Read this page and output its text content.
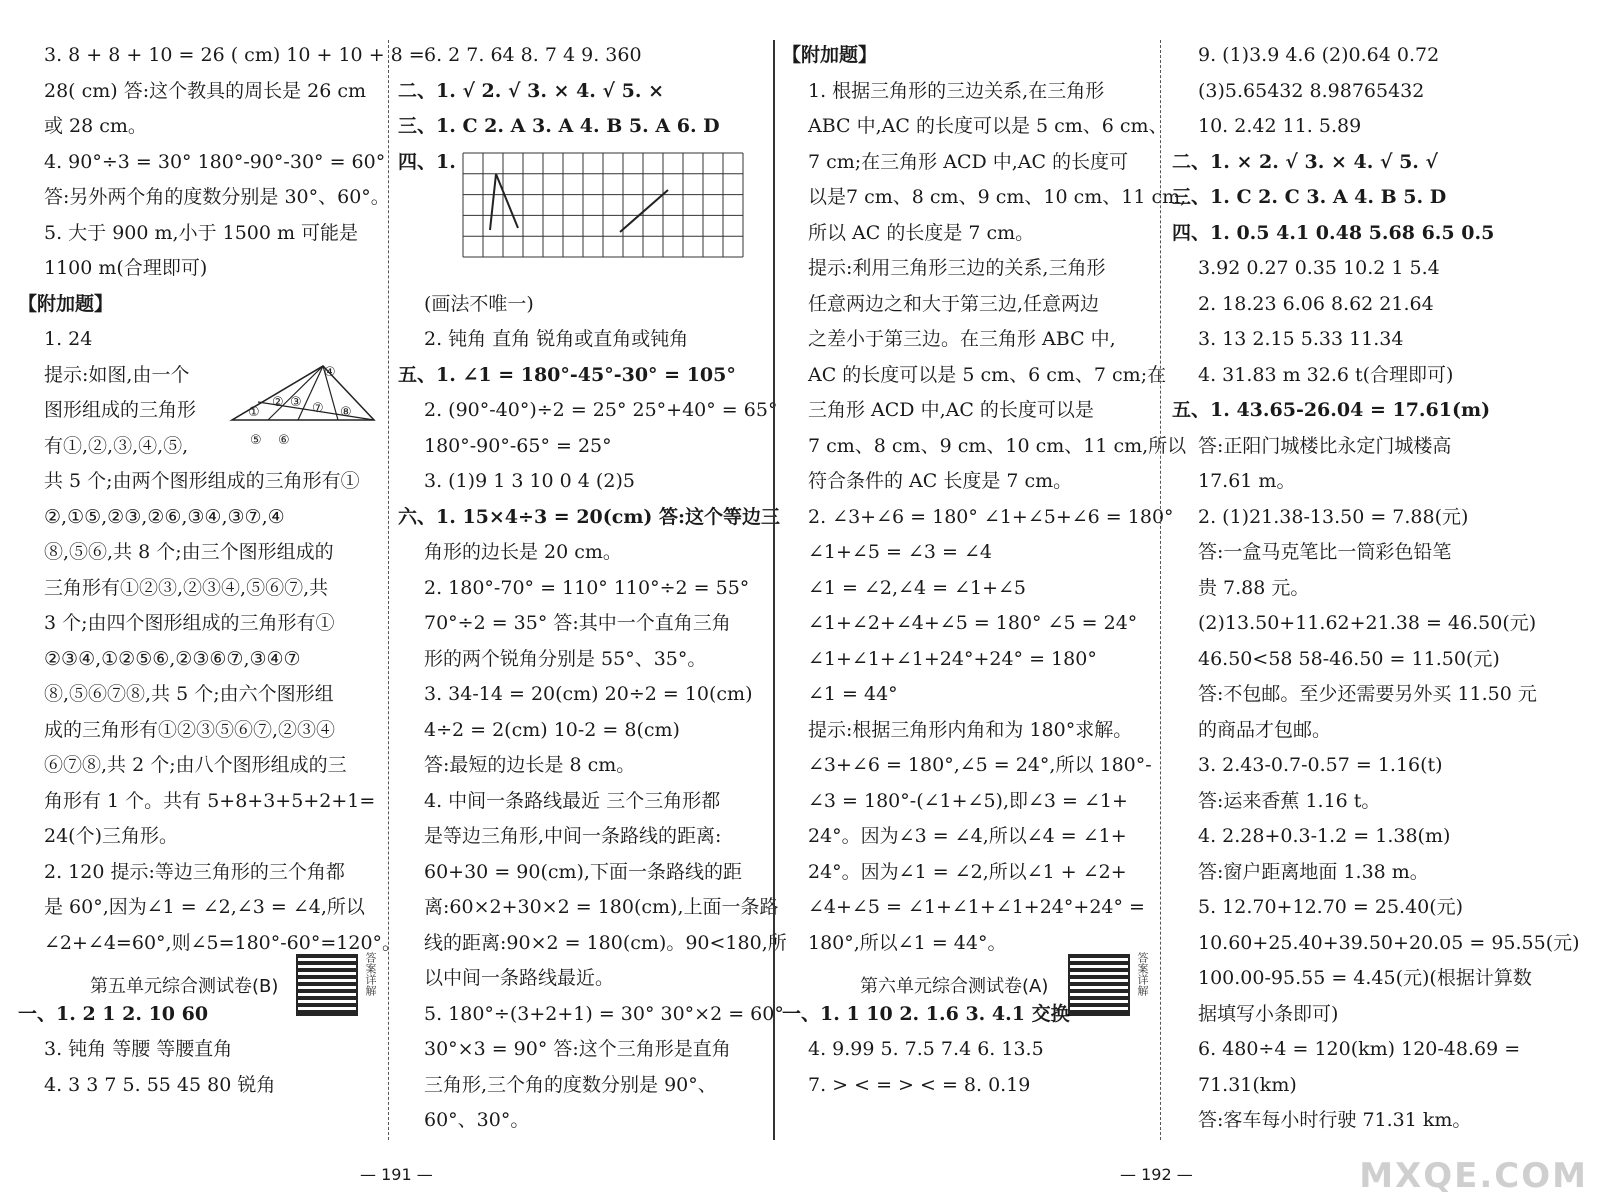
3. 8 + 8 + 10 = 26 ( cm) 10 + 10 + 8 =
28( cm) 答:这个教具的周长是 26 cm
或 28 cm。
4. 90°÷3 = 30° 180°-90°-30° = 60°
答:另外两个角的度数分别是 30°、60°。
5. 大于 900 m,小于 1500 m 可能是
1100 m(合理即可)
【附加题】
1. 24
提示:如图,由一个
图形组成的三角形
有①,②,③,④,⑤,
共 5 个;由两个图形组成的三角形有①
②,①⑤,②③,②⑥,③④,③⑦,④
⑧,⑤⑥,共 8 个;由三个图形组成的
三角形有①②③,②③④,⑤⑥⑦,共
3 个;由四个图形组成的三角形有①
②③④,①②⑤⑥,②③⑥⑦,③④⑦
⑧,⑤⑥⑦⑧,共 5 个;由六个图形组
成的三角形有①②③⑤⑥⑦,②③④
⑥⑦⑧,共 2 个;由八个图形组成的三
角形有 1 个。共有 5+8+3+5+2+1=
24(个)三角形。
2. 120 提示:等边三角形的三个角都
是 60°,因为∠1 = ∠2,∠3 = ∠4,所以
∠2+∠4=60°,则∠5=180°-60°=120°。
一、1. 2 1 2. 10 60
3. 钝角 等腰 等腰直角
4. 3 3 7 5. 55 45 80 锐角
6. 2 7. 64 8. 7 4 9. 360
二、1. √ 2. √ 3. × 4. √ 5. ×
三、1. C 2. A 3. A 4. B 5. A 6. D
四、1.
(画法不唯一)
2. 钝角 直角 锐角或直角或钝角
五、1. ∠1 = 180°-45°-30° = 105°
2. (90°-40°)÷2 = 25° 25°+40° = 65°
180°-90°-65° = 25°
3. (1)9 1 3 10 0 4 (2)5
六、1. 15×4÷3 = 20(cm) 答:这个等边三
角形的边长是 20 cm。
2. 180°-70° = 110° 110°÷2 = 55°
70°÷2 = 35° 答:其中一个直角三角
形的两个锐角分别是 55°、35°。
3. 34-14 = 20(cm) 20÷2 = 10(cm)
4÷2 = 2(cm) 10-2 = 8(cm)
答:最短的边长是 8 cm。
4. 中间一条路线最近 三个三角形都
是等边三角形,中间一条路线的距离:
60+30 = 90(cm),下面一条路线的距
离:60×2+30×2 = 180(cm),上面一条路
线的距离:90×2 = 180(cm)。90<180,所
以中间一条路线最近。
5. 180°÷(3+2+1) = 30° 30°×2 = 60°
30°×3 = 90° 答:这个三角形是直角
三角形,三个角的度数分别是 90°、
60°、30°。
【附加题】
1. 根据三角形的三边关系,在三角形
ABC 中,AC 的长度可以是 5 cm、6 cm、
7 cm;在三角形 ACD 中,AC 的长度可
以是7 cm、8 cm、9 cm、10 cm、11 cm,
所以 AC 的长度是 7 cm。
提示:利用三角形三边的关系,三角形
任意两边之和大于第三边,任意两边
之差小于第三边。在三角形 ABC 中,
AC 的长度可以是 5 cm、6 cm、7 cm;在
三角形 ACD 中,AC 的长度可以是
7 cm、8 cm、9 cm、10 cm、11 cm,所以
符合条件的 AC 长度是 7 cm。
2. ∠3+∠6 = 180° ∠1+∠5+∠6 = 180°
∠1+∠5 = ∠3 = ∠4
∠1 = ∠2,∠4 = ∠1+∠5
∠1+∠2+∠4+∠5 = 180° ∠5 = 24°
∠1+∠1+∠1+24°+24° = 180°
∠1 = 44°
提示:根据三角形内角和为 180°求解。
∠3+∠6 = 180°,∠5 = 24°,所以 180°-
∠3 = 180°-(∠1+∠5),即∠3 = ∠1+
24°。因为∠3 = ∠4,所以∠4 = ∠1+
24°。因为∠1 = ∠2,所以∠1 + ∠2+
∠4+∠5 = ∠1+∠1+∠1+24°+24° =
180°,所以∠1 = 44°。
一、1. 1 10 2. 1.6 3. 4.1 交换
4. 9.99 5. 7.5 7.4 6. 13.5
7. > < = > < = 8. 0.19
9. (1)3.9 4.6 (2)0.64 0.72
(3)5.65432 8.98765432
10. 2.42 11. 5.89
二、1. × 2. √ 3. × 4. √ 5. √
三、1. C 2. C 3. A 4. B 5. D
四、1. 0.5 4.1 0.48 5.68 6.5 0.5
3.92 0.27 0.35 10.2 1 5.4
2. 18.23 6.06 8.62 21.64
3. 13 2.15 5.33 11.34
4. 31.83 m 32.6 t(合理即可)
五、1. 43.65-26.04 = 17.61(m)
答:正阳门城楼比永定门城楼高
17.61 m。
2. (1)21.38-13.50 = 7.88(元)
答:一盒马克笔比一筒彩色铅笔
贵 7.88 元。
(2)13.50+11.62+21.38 = 46.50(元)
46.50<58 58-46.50 = 11.50(元)
答:不包邮。至少还需要另外买 11.50 元
的商品才包邮。
3. 2.43-0.7-0.57 = 1.16(t)
答:运来香蕉 1.16 t。
4. 2.28+0.3-1.2 = 1.38(m)
答:窗户距离地面 1.38 m。
5. 12.70+12.70 = 25.40(元)
10.60+25.40+39.50+20.05 = 95.55(元)
100.00-95.55 = 4.45(元)(根据计算数
据填写小条即可)
6. 480÷4 = 120(km) 120-48.69 =
71.31(km)
答:客车每小时行驶 71.31 km。
①
② ③ ⑦ ⑧
④
⑤ ⑥
第五单元综合测试卷(B)	答案详解	第六单元综合测试卷(A)	答案详解
— 191 —	— 192 —	MXQE.COM
